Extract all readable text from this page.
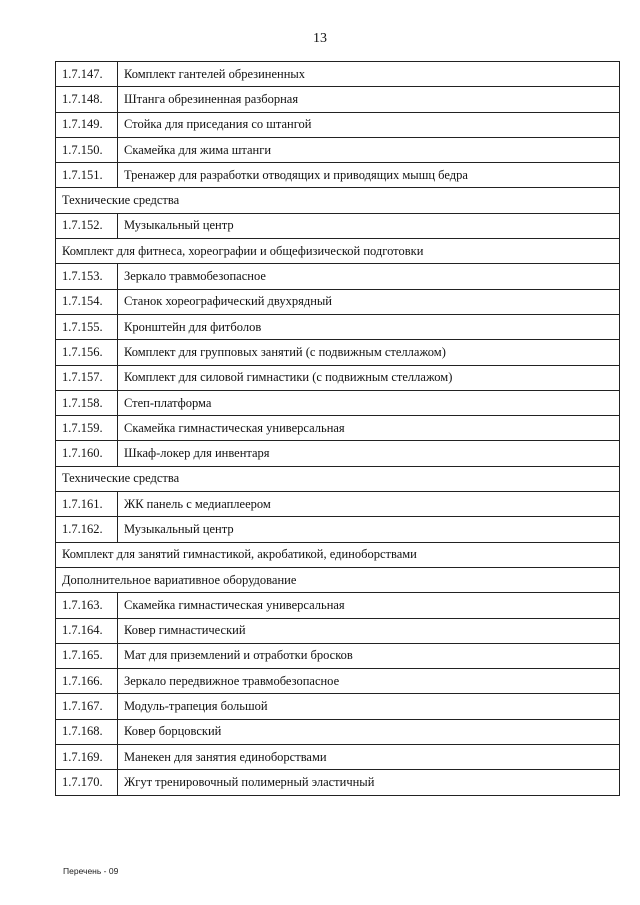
13
1.7.147.	Комплект гантелей обрезиненных
1.7.148.	Штанга обрезиненная разборная
1.7.149.	Стойка для приседания со штангой
1.7.150.	Скамейка для жима штанги
1.7.151.	Тренажер для разработки отводящих и приводящих мышц бедра
Технические средства	
1.7.152.	Музыкальный центр
Комплект для фитнеса, хореографии и общефизической подготовки	
1.7.153.	Зеркало травмобезопасное
1.7.154.	Станок хореографический двухрядный
1.7.155.	Кронштейн для фитболов
1.7.156.	Комплект для групповых занятий (с подвижным стеллажом)
1.7.157.	Комплект для силовой гимнастики (с подвижным стеллажом)
1.7.158.	Степ-платформа
1.7.159.	Скамейка гимнастическая универсальная
1.7.160.	Шкаф-локер для инвентаря
Технические средства	
1.7.161.	ЖК панель с медиаплеером
1.7.162.	Музыкальный центр
Комплект для занятий гимнастикой, акробатикой, единоборствами	
Дополнительное вариативное оборудование	
1.7.163.	Скамейка гимнастическая универсальная
1.7.164.	Ковер гимнастический
1.7.165.	Мат для приземлений и отработки бросков
1.7.166.	Зеркало передвижное травмобезопасное
1.7.167.	Модуль-трапеция большой
1.7.168.	Ковер борцовский
1.7.169.	Манекен для занятия единоборствами
1.7.170.	Жгут тренировочный полимерный эластичный
Перечень - 09
